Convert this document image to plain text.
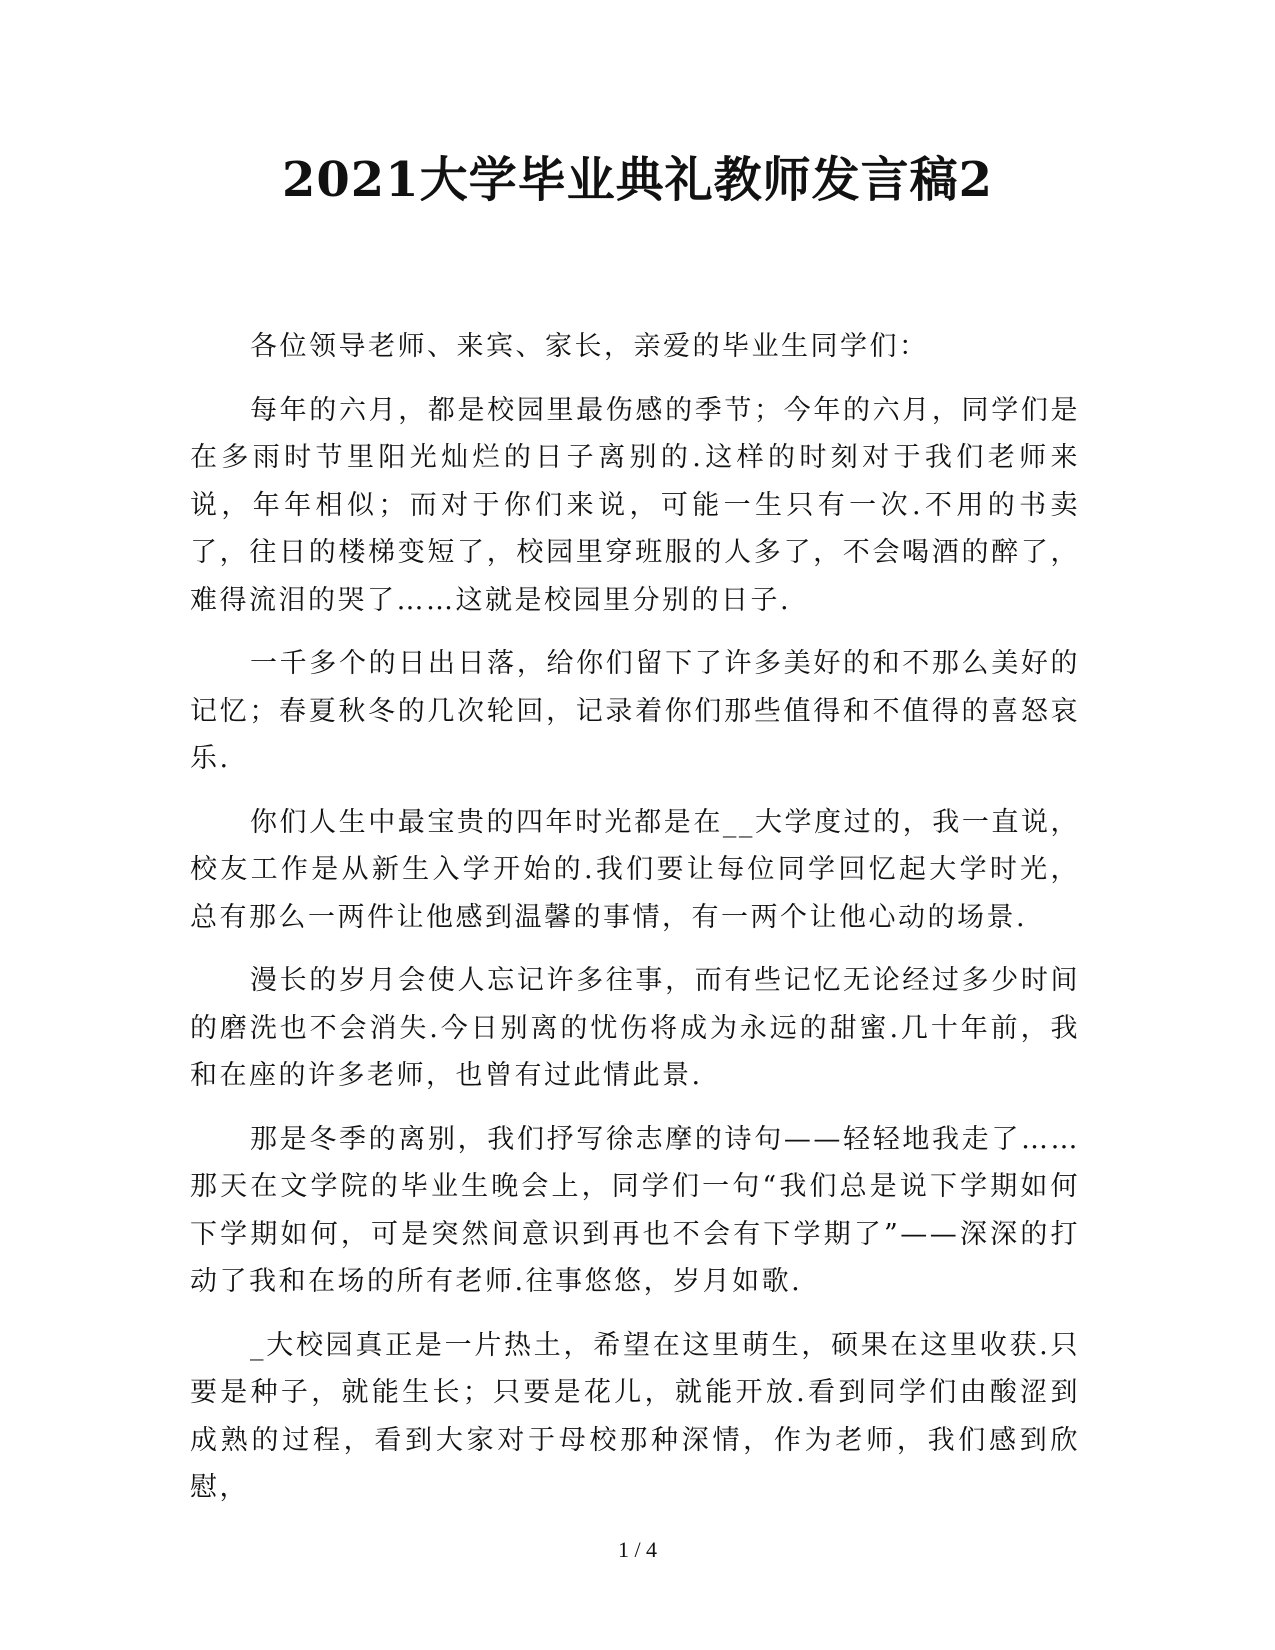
2021大学毕业典礼教师发言稿2

各位领导老师、来宾、家长，亲爱的毕业生同学们：

每年的六月，都是校园里最伤感的季节；今年的六月，同学们是在多雨时节里阳光灿烂的日子离别的.这样的时刻对于我们老师来说，年年相似；而对于你们来说，可能一生只有一次.不用的书卖了，往日的楼梯变短了，校园里穿班服的人多了，不会喝酒的醉了，难得流泪的哭了……这就是校园里分别的日子.

一千多个的日出日落，给你们留下了许多美好的和不那么美好的记忆；春夏秋冬的几次轮回，记录着你们那些值得和不值得的喜怒哀乐.

你们人生中最宝贵的四年时光都是在__大学度过的，我一直说，校友工作是从新生入学开始的.我们要让每位同学回忆起大学时光，总有那么一两件让他感到温馨的事情，有一两个让他心动的场景.

漫长的岁月会使人忘记许多往事，而有些记忆无论经过多少时间的磨洗也不会消失.今日别离的忧伤将成为永远的甜蜜.几十年前，我和在座的许多老师，也曾有过此情此景.

那是冬季的离别，我们抒写徐志摩的诗句——轻轻地我走了……那天在文学院的毕业生晚会上，同学们一句“我们总是说下学期如何下学期如何，可是突然间意识到再也不会有下学期了”——深深的打动了我和在场的所有老师.往事悠悠，岁月如歌.

_大校园真正是一片热土，希望在这里萌生，硕果在这里收获.只要是种子，就能生长；只要是花儿，就能开放.看到同学们由酸涩到成熟的过程，看到大家对于母校那种深情，作为老师，我们感到欣慰，

1 / 4
